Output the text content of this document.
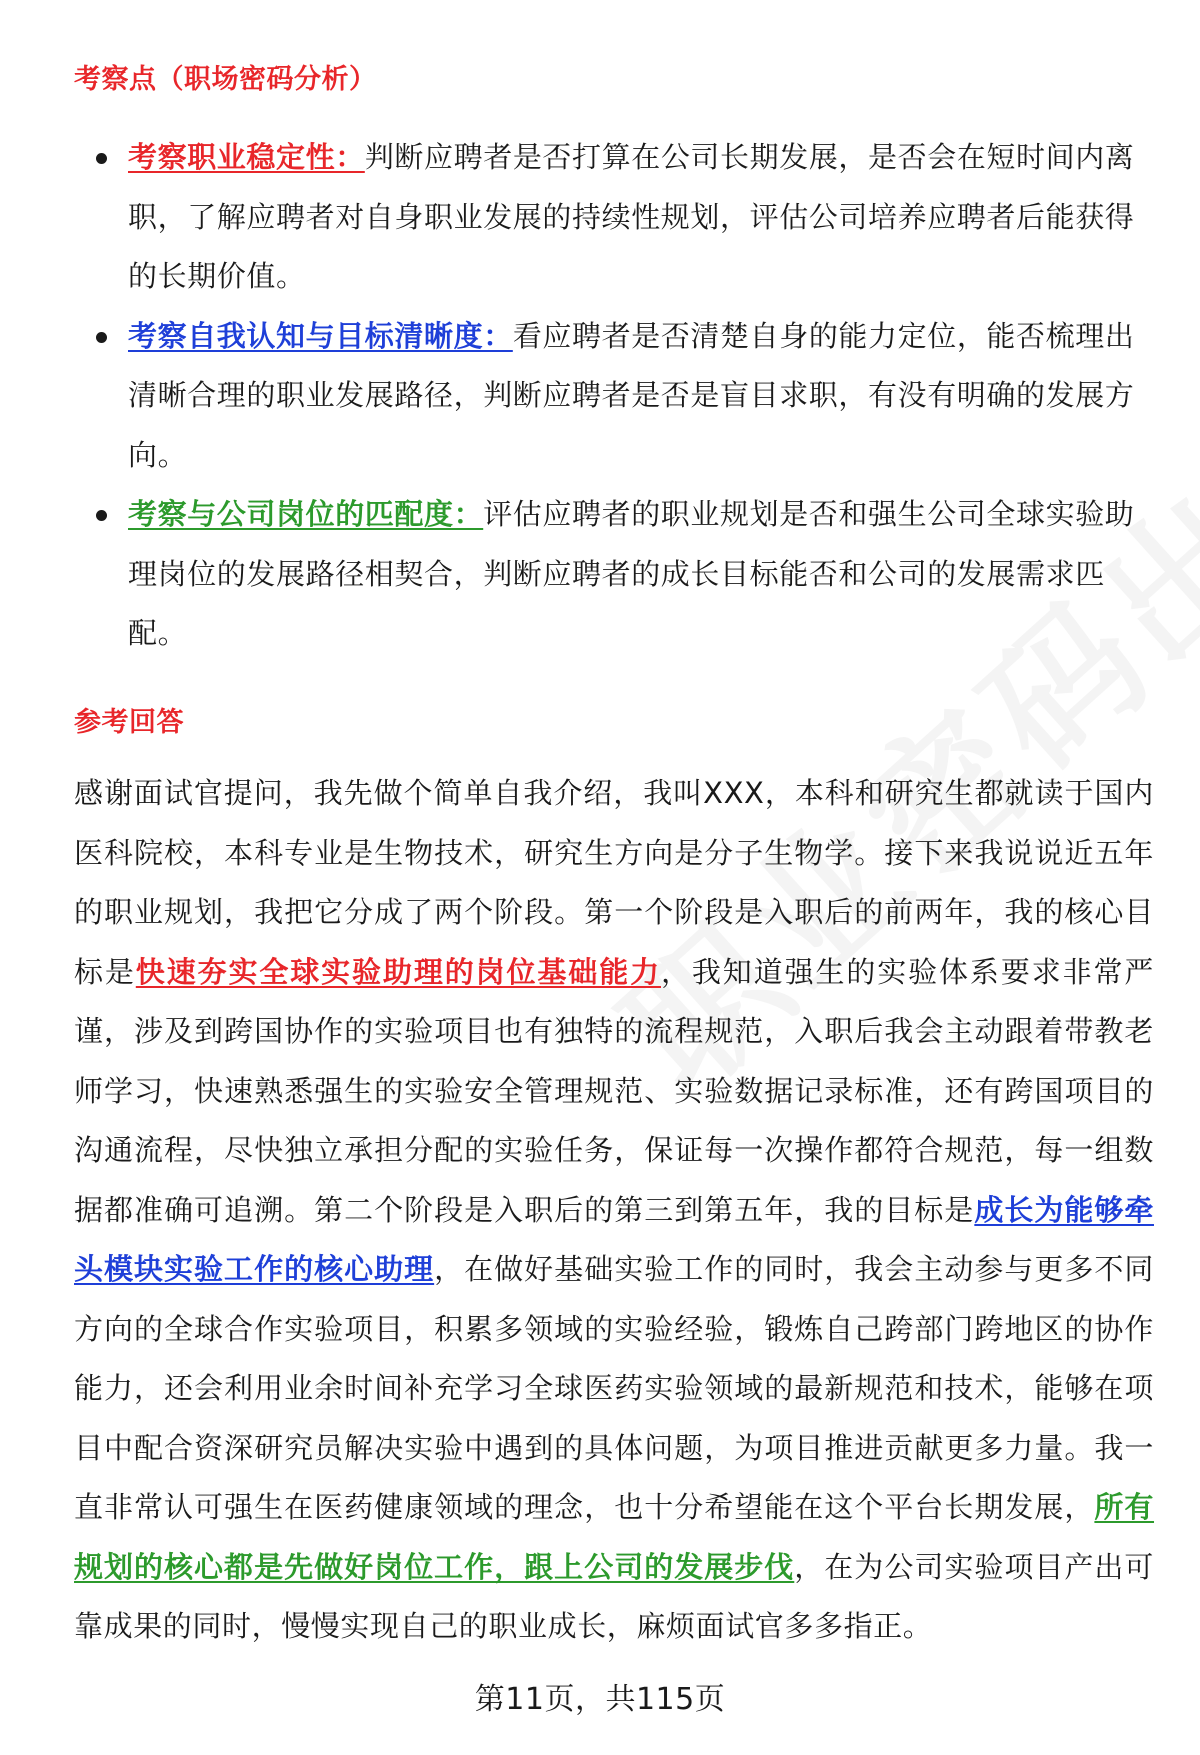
考察点（职场密码分析）
考察职业稳定性：判断应聘者是否打算在公司长期发展，是否会在短时间内离职，了解应聘者对自身职业发展的持续性规划，评估公司培养应聘者后能获得的长期价值。
考察自我认知与目标清晰度：看应聘者是否清楚自身的能力定位，能否梳理出清晰合理的职业发展路径，判断应聘者是否是盲目求职，有没有明确的发展方向。
考察与公司岗位的匹配度：评估应聘者的职业规划是否和强生公司全球实验助理岗位的发展路径相契合，判断应聘者的成长目标能否和公司的发展需求匹配。
参考回答

感谢面试官提问，我先做个简单自我介绍，我叫XXX，本科和研究生都就读于国内医科院校，本科专业是生物技术，研究生方向是分子生物学。接下来我说说近五年的职业规划，我把它分成了两个阶段。第一个阶段是入职后的前两年，我的核心目标是快速夯实全球实验助理的岗位基础能力，我知道强生的实验体系要求非常严谨，涉及到跨国协作的实验项目也有独特的流程规范，入职后我会主动跟着带教老师学习，快速熟悉强生的实验安全管理规范、实验数据记录标准，还有跨国项目的沟通流程，尽快独立承担分配的实验任务，保证每一次操作都符合规范，每一组数据都准确可追溯。第二个阶段是入职后的第三到第五年，我的目标是成长为能够牵头模块实验工作的核心助理，在做好基础实验工作的同时，我会主动参与更多不同方向的全球合作实验项目，积累多领域的实验经验，锻炼自己跨部门跨地区的协作能力，还会利用业余时间补充学习全球医药实验领域的最新规范和技术，能够在项目中配合资深研究员解决实验中遇到的具体问题，为项目推进贡献更多力量。我一直非常认可强生在医药健康领域的理念，也十分希望能在这个平台长期发展，所有规划的核心都是先做好岗位工作，跟上公司的发展步伐，在为公司实验项目产出可靠成果的同时，慢慢实现自己的职业成长，麻烦面试官多多指正。

第11页，共115页
